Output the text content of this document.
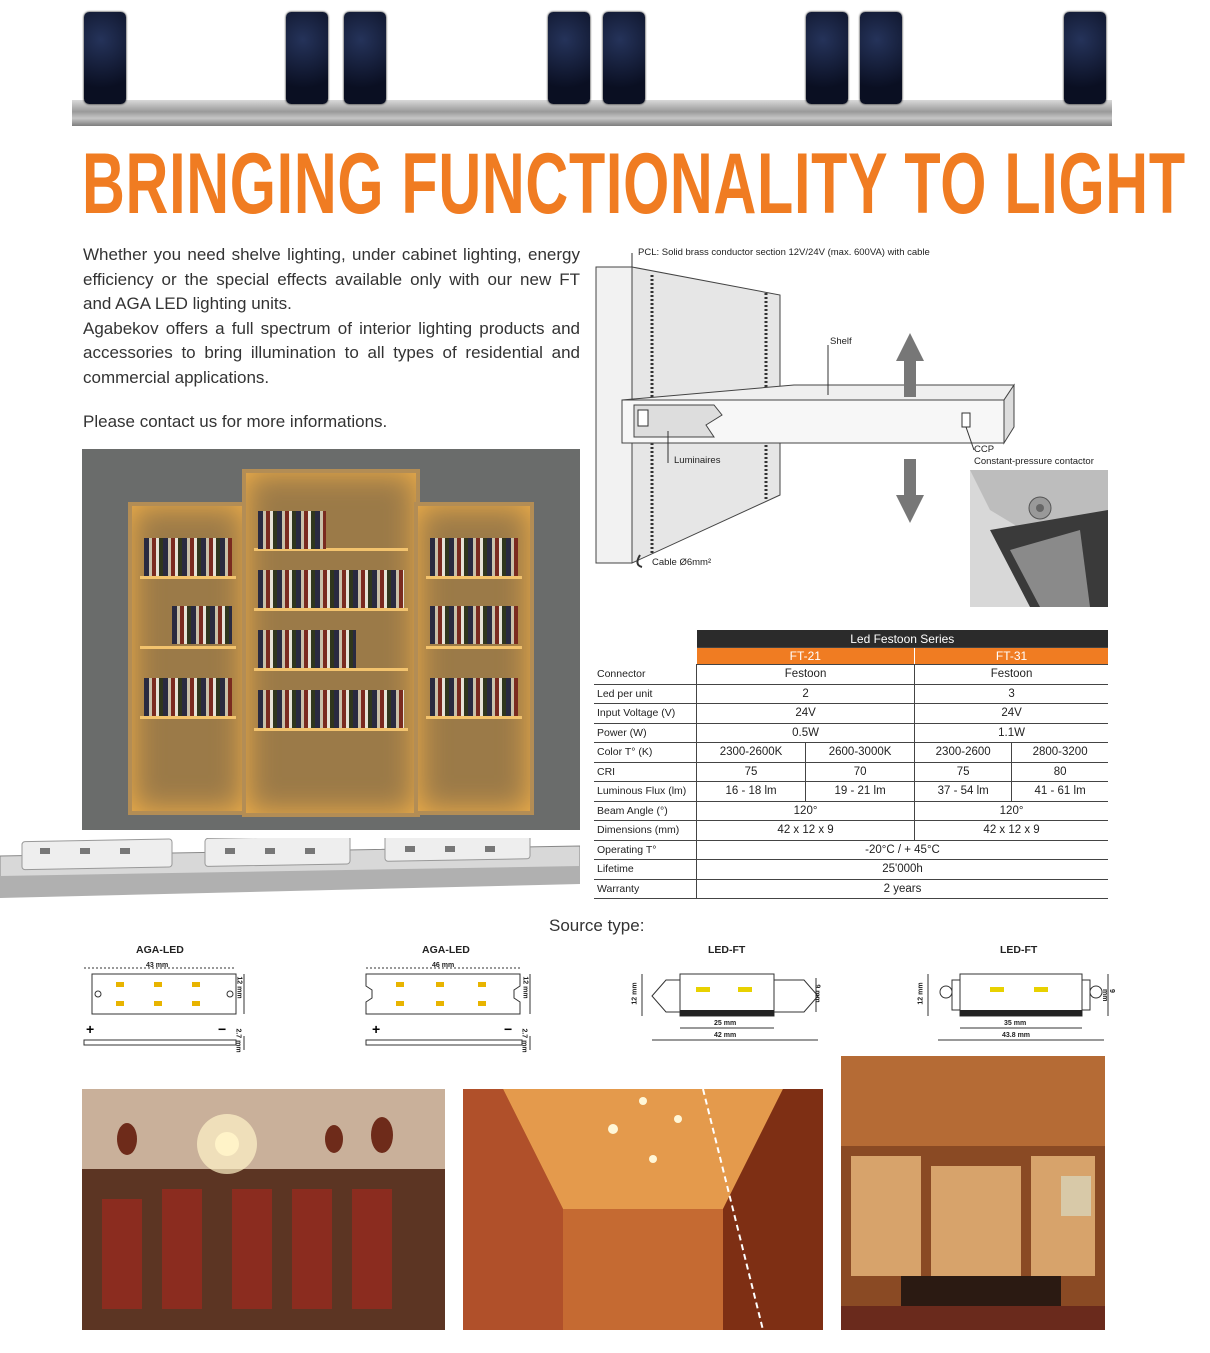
BRINGING FUNCTIONALITY TO LIGHT

Whether you need shelve lighting, under cabinet lighting, energy efficiency or the special effects available only with our new FT and AGA LED lighting units.

Agabekov offers a full spectrum of interior lighting products and accessories to bring illumination to all types of residential and commercial applications.

Please contact us for more informations.
PCL: Solid brass conductor section 12V/24V (max. 600VA) with cable
Shelf
Luminaires
CCP
Constant-pressure contactor
Cable Ø6mm²
	Led Festoon Series			
	FT-21		FT-31	
Connector	Festoon		Festoon	
Led per unit	2		3	
Input Voltage (V)	24V		24V	
Power (W)	0.5W		1.1W	
Color T° (K)	2300-2600K	2600-3000K	2300-2600	2800-3200
CRI	75	70	75	80
Luminous Flux (lm)	16 - 18 lm	19 - 21 lm	37 - 54 lm	41 - 61 lm
Beam Angle (°)	120°		120°	
Dimensions (mm)	42 x 12 x 9		42 x 12 x 9	
Operating T°	-20°C / + 45°C			
Lifetime	25'000h			
Warranty	2 years			
Source type:
AGA-LED
43 mm
+	−
12 mm
2.7 mm
AGA-LED
46 mm
+	−
12 mm
2.7 mm
LED-FT
12 mm	9 mm
25 mm
42 mm
LED-FT
12 mm	9 mm
35 mm
43.8 mm
